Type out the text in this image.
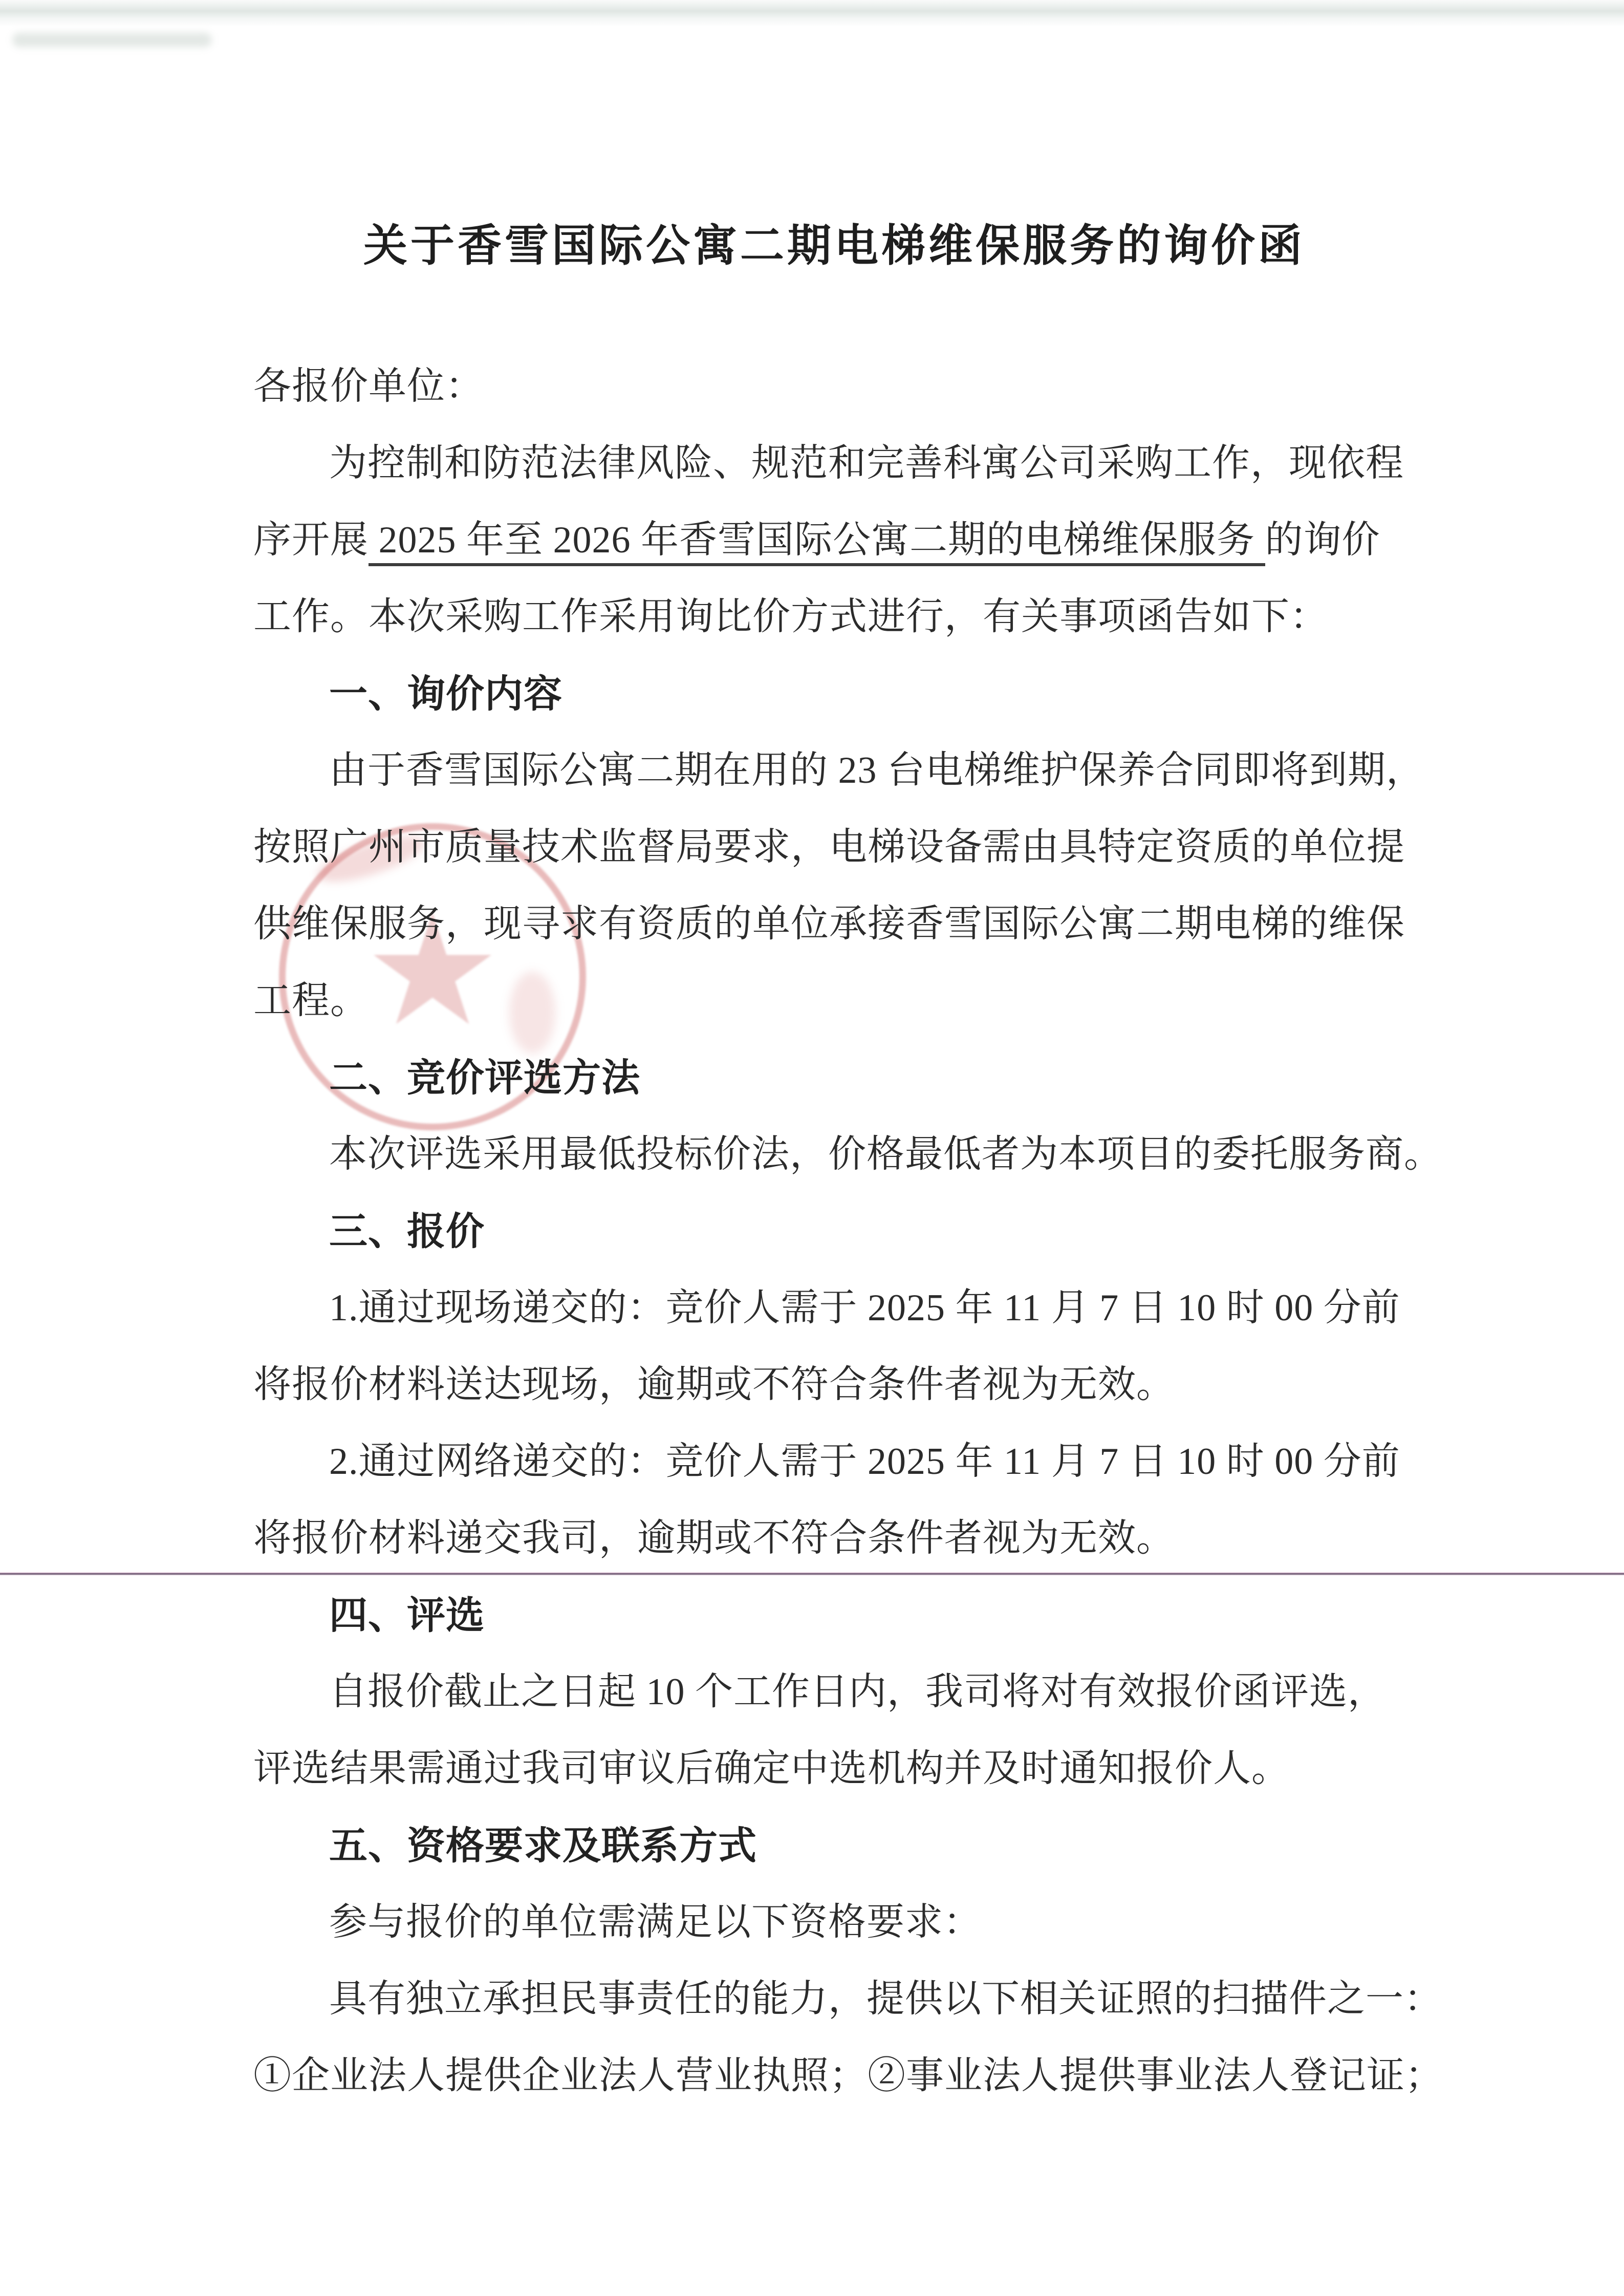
★
关于香雪国际公寓二期电梯维保服务的询价函
各报价单位：
为控制和防范法律风险、规范和完善科寓公司采购工作，现依程
序开展 2025 年至 2026 年香雪国际公寓二期的电梯维保服务 的询价
工作。本次采购工作采用询比价方式进行，有关事项函告如下：
一、询价内容
由于香雪国际公寓二期在用的 23 台电梯维护保养合同即将到期，
按照广州市质量技术监督局要求，电梯设备需由具特定资质的单位提
供维保服务，现寻求有资质的单位承接香雪国际公寓二期电梯的维保
工程。
二、竞价评选方法
本次评选采用最低投标价法，价格最低者为本项目的委托服务商。
三、报价
1.通过现场递交的：竞价人需于 2025 年 11 月 7 日 10 时 00 分前
将报价材料送达现场，逾期或不符合条件者视为无效。
2.通过网络递交的：竞价人需于 2025 年 11 月 7 日 10 时 00 分前
将报价材料递交我司，逾期或不符合条件者视为无效。
四、评选
自报价截止之日起 10 个工作日内，我司将对有效报价函评选，
评选结果需通过我司审议后确定中选机构并及时通知报价人。
五、资格要求及联系方式
参与报价的单位需满足以下资格要求：
具有独立承担民事责任的能力，提供以下相关证照的扫描件之一：
①企业法人提供企业法人营业执照；②事业法人提供事业法人登记证；
